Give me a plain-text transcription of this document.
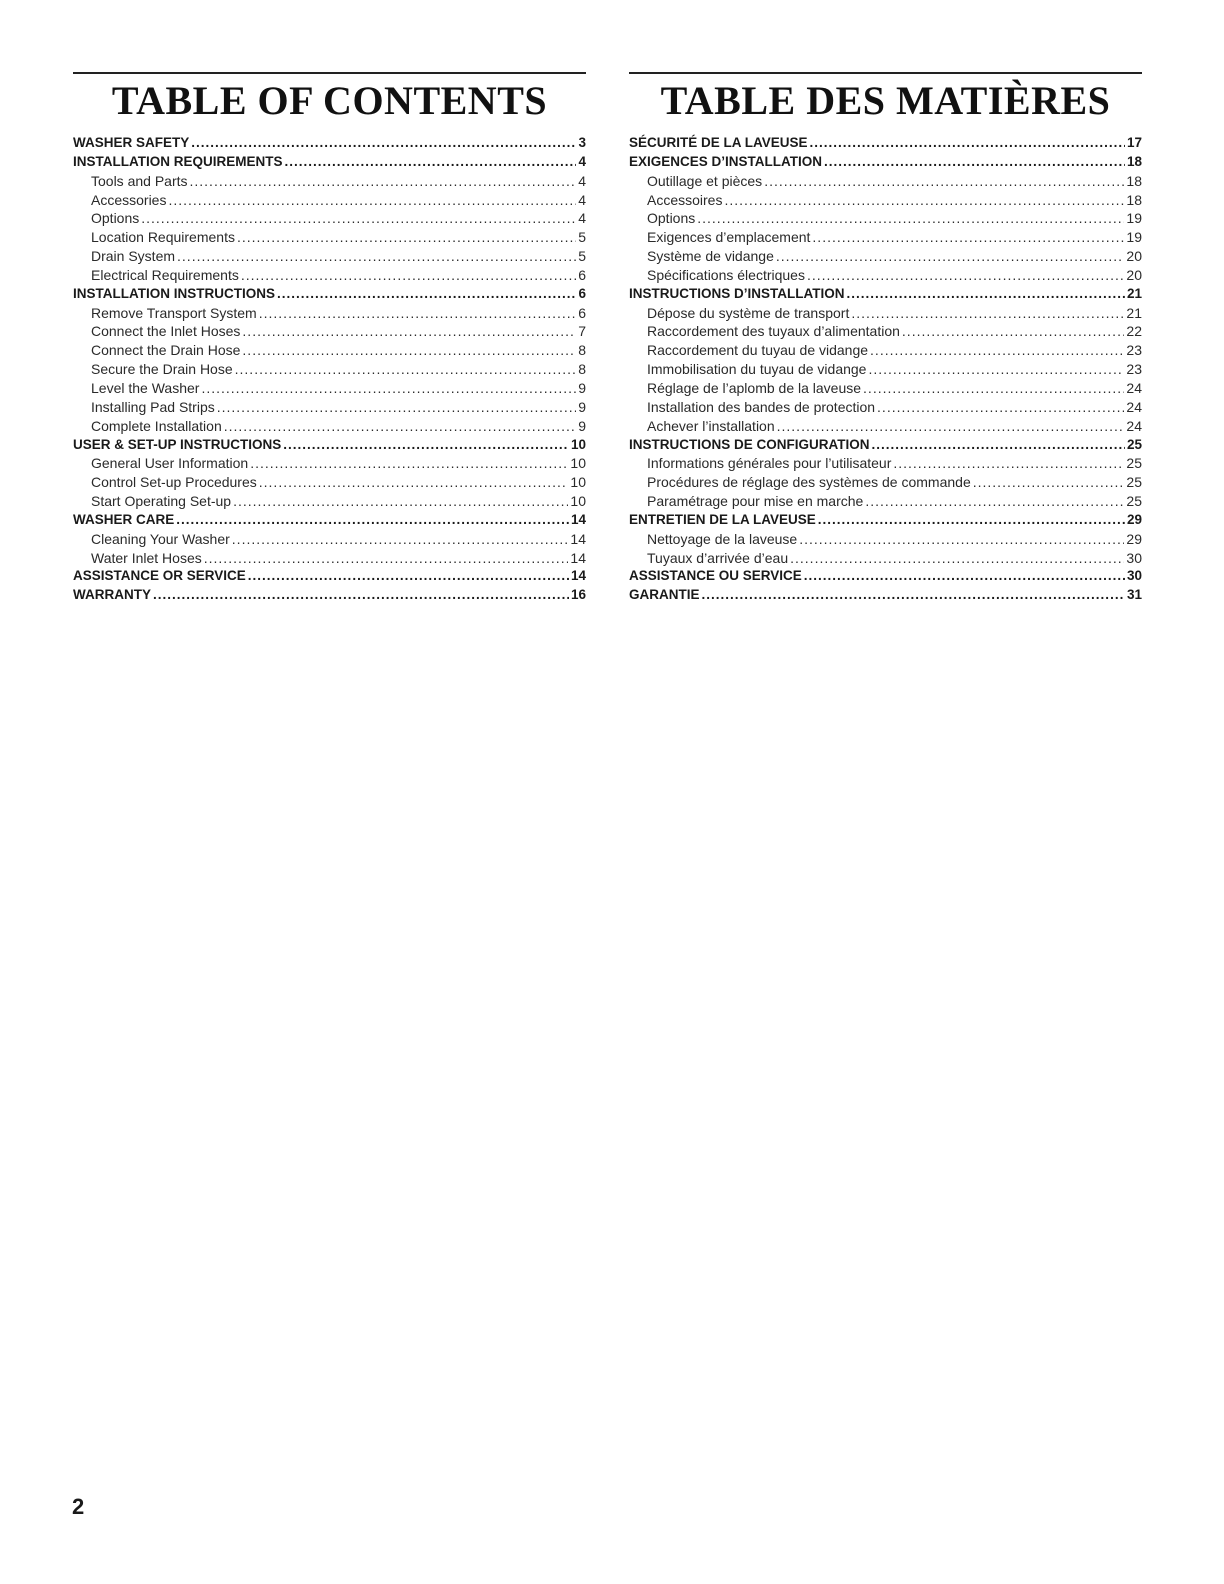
TABLE OF CONTENTS
WASHER SAFETY .....	3
INSTALLATION REQUIREMENTS .....	4
Tools and Parts .....	4
Accessories .....	4
Options .....	4
Location Requirements .....	5
Drain System .....	5
Electrical Requirements .....	6
INSTALLATION INSTRUCTIONS .....	6
Remove Transport System .....	6
Connect the Inlet Hoses .....	7
Connect the Drain Hose .....	8
Secure the Drain Hose .....	8
Level the Washer .....	9
Installing Pad Strips .....	9
Complete Installation .....	9
USER & SET-UP INSTRUCTIONS .....	10
General User Information .....	10
Control Set-up Procedures .....	10
Start Operating Set-up .....	10
WASHER CARE .....	14
Cleaning Your Washer .....	14
Water Inlet Hoses .....	14
ASSISTANCE OR SERVICE .....	14
WARRANTY .....	16
TABLE DES MATIÈRES
SÉCURITÉ DE LA LAVEUSE .....	17
EXIGENCES D’INSTALLATION .....	18
Outillage et pièces .....	18
Accessoires .....	18
Options .....	19
Exigences d’emplacement .....	19
Système de vidange .....	20
Spécifications électriques .....	20
INSTRUCTIONS D’INSTALLATION .....	21
Dépose du système de transport .....	21
Raccordement des tuyaux d’alimentation .....	22
Raccordement du tuyau de vidange .....	23
Immobilisation du tuyau de vidange .....	23
Réglage de l’aplomb de la laveuse .....	24
Installation des bandes de protection .....	24
Achever l’installation .....	24
INSTRUCTIONS DE CONFIGURATION .....	25
Informations générales pour l’utilisateur .....	25
Procédures de réglage des systèmes de commande .....	25
Paramétrage pour mise en marche .....	25
ENTRETIEN DE LA LAVEUSE .....	29
Nettoyage de la laveuse .....	29
Tuyaux d’arrivée d’eau .....	30
ASSISTANCE OU SERVICE .....	30
GARANTIE .....	31
2
